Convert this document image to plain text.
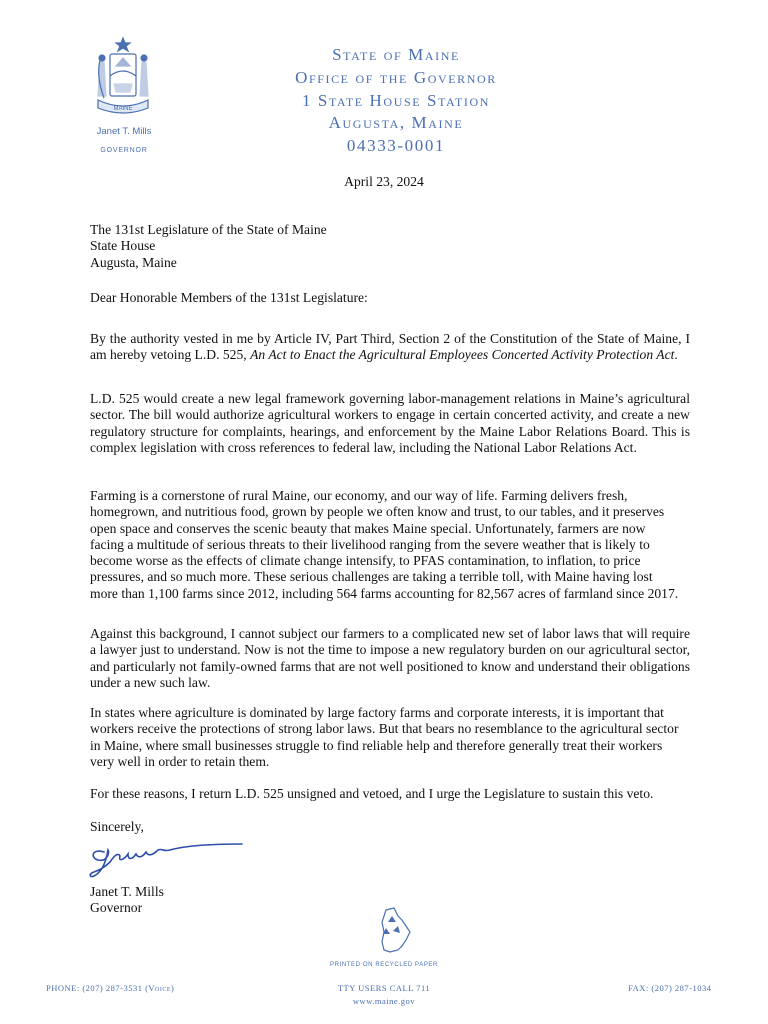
MAINE
Janet T. Mills
GOVERNOR
State of Maine
Office of the Governor
1 State House Station
Augusta, Maine
04333-0001
April 23, 2024
The 131st Legislature of the State of Maine
State House
Augusta, Maine
Dear Honorable Members of the 131st Legislature:
By the authority vested in me by Article IV, Part Third, Section 2 of the Constitution of the State of Maine, I am hereby vetoing L.D. 525, An Act to Enact the Agricultural Employees Concerted Activity Protection Act.
L.D. 525 would create a new legal framework governing labor-management relations in Maine’s agricultural sector. The bill would authorize agricultural workers to engage in certain concerted activity, and create a new regulatory structure for complaints, hearings, and enforcement by the Maine Labor Relations Board. This is complex legislation with cross references to federal law, including the National Labor Relations Act.
Farming is a cornerstone of rural Maine, our economy, and our way of life. Farming delivers fresh,
homegrown, and nutritious food, grown by people we often know and trust, to our tables, and it preserves
open space and conserves the scenic beauty that makes Maine special. Unfortunately, farmers are now
facing a multitude of serious threats to their livelihood ranging from the severe weather that is likely to
become worse as the effects of climate change intensify, to PFAS contamination, to inflation, to price
pressures, and so much more. These serious challenges are taking a terrible toll, with Maine having lost
more than 1,100 farms since 2012, including 564 farms accounting for 82,567 acres of farmland since 2017.
Against this background, I cannot subject our farmers to a complicated new set of labor laws that will require a lawyer just to understand. Now is not the time to impose a new regulatory burden on our agricultural sector, and particularly not family-owned farms that are not well positioned to know and understand their obligations under a new such law.
In states where agriculture is dominated by large factory farms and corporate interests, it is important that
workers receive the protections of strong labor laws. But that bears no resemblance to the agricultural sector
in Maine, where small businesses struggle to find reliable help and therefore generally treat their workers
very well in order to retain them.
For these reasons, I return L.D. 525 unsigned and vetoed, and I urge the Legislature to sustain this veto.
Sincerely,
Janet T. Mills
Governor
PRINTED ON RECYCLED PAPER
PHONE: (207) 287-3531 (Voice)	TTY USERS CALL 711
www.maine.gov
FAX: (207) 287-1034
